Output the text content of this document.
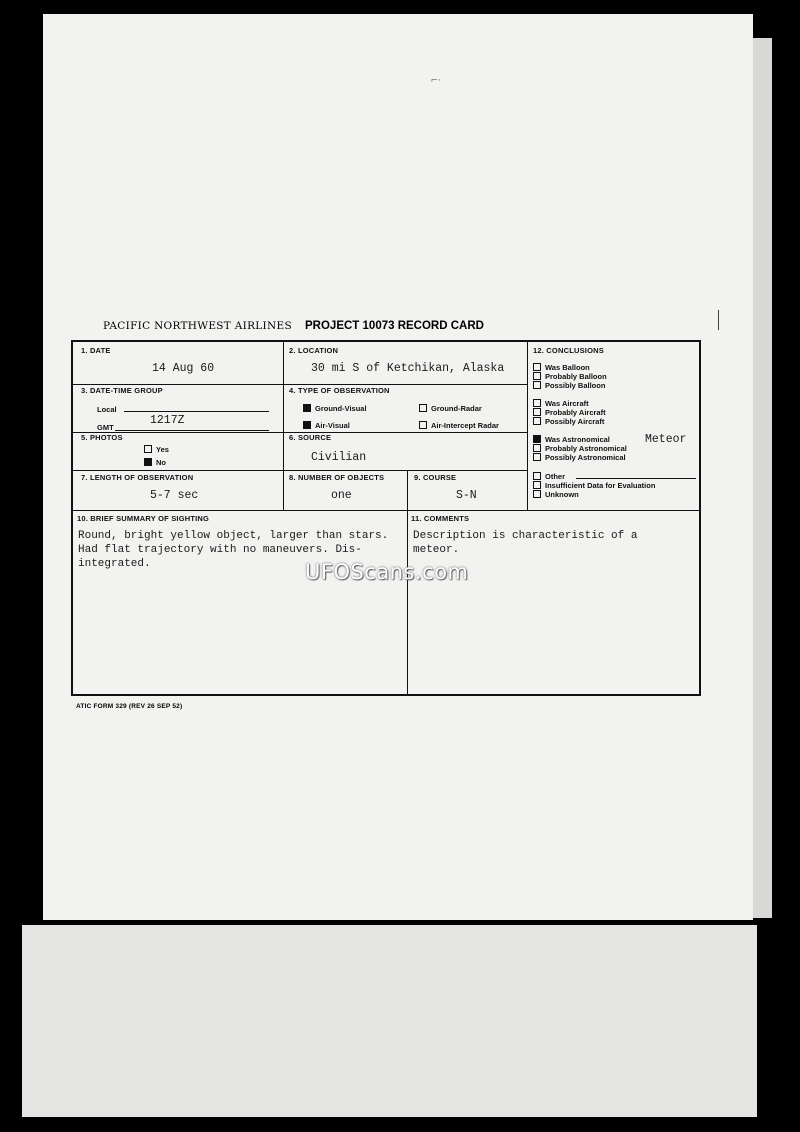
⌐·
PACIFIC NORTHWEST AIRLINES PROJECT 10073 RECORD CARD
1. DATE
14 Aug 60
2. LOCATION
30 mi S of Ketchikan, Alaska
3. DATE-TIME GROUP
Local
GMT
1217Z
4. TYPE OF OBSERVATION
Ground-Visual	Ground-Radar
Air-Visual	Air-Intercept Radar
5. PHOTOS
Yes
No
6. SOURCE
Civilian
7. LENGTH OF OBSERVATION
5-7 sec
8. NUMBER OF OBJECTS
one
9. COURSE
S-N
12. CONCLUSIONS
Was Balloon
Probably Balloon
Possibly Balloon
Was Aircraft
Probably Aircraft
Possibly Aircraft
Was Astronomical
Probably Astronomical
Possibly Astronomical
Meteor
Other
Insufficient Data for Evaluation
Unknown
10. BRIEF SUMMARY OF SIGHTING
Round, bright yellow object, larger than stars.
Had flat trajectory with no maneuvers. Dis-
integrated.
11. COMMENTS
Description is characteristic of a
meteor.
UFOScans.com
ATIC FORM 329 (REV 26 SEP 52)
